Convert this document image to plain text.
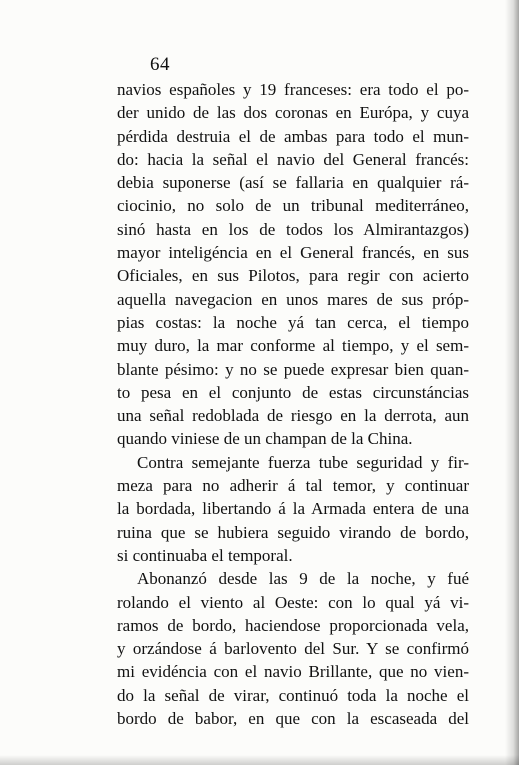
64
navios españoles y 19 franceses: era todo el po-
der unido de las dos coronas en Európa, y cuya
pérdida destruia el de ambas para todo el mun-
do: hacia la señal el navio del General francés:
debia suponerse (así se fallaria en qualquier rá-
ciocinio, no solo de un tribunal mediterráneo,
sinó hasta en los de todos los Almirantazgos)
mayor inteligéncia en el General francés, en sus
Oficiales, en sus Pilotos, para regir con acierto
aquella navegacion en unos mares de sus próp-
pias costas: la noche yá tan cerca, el tiempo
muy duro, la mar conforme al tiempo, y el sem-
blante pésimo: y no se puede expresar bien quan-
to pesa en el conjunto de estas circunstáncias
una señal redoblada de riesgo en la derrota, aun
quando viniese de un champan de la China.
Contra semejante fuerza tube seguridad y fir-
meza para no adherir á tal temor, y continuar
la bordada, libertando á la Armada entera de una
ruina que se hubiera seguido virando de bordo,
si continuaba el temporal.
Abonanzó desde las 9 de la noche, y fué
rolando el viento al Oeste: con lo qual yá vi-
ramos de bordo, haciendose proporcionada vela,
y orzándose á barlovento del Sur. Y se confirmó
mi evidéncia con el navio Brillante, que no vien-
do la señal de virar, continuó toda la noche el
bordo de babor, en que con la escaseada del
